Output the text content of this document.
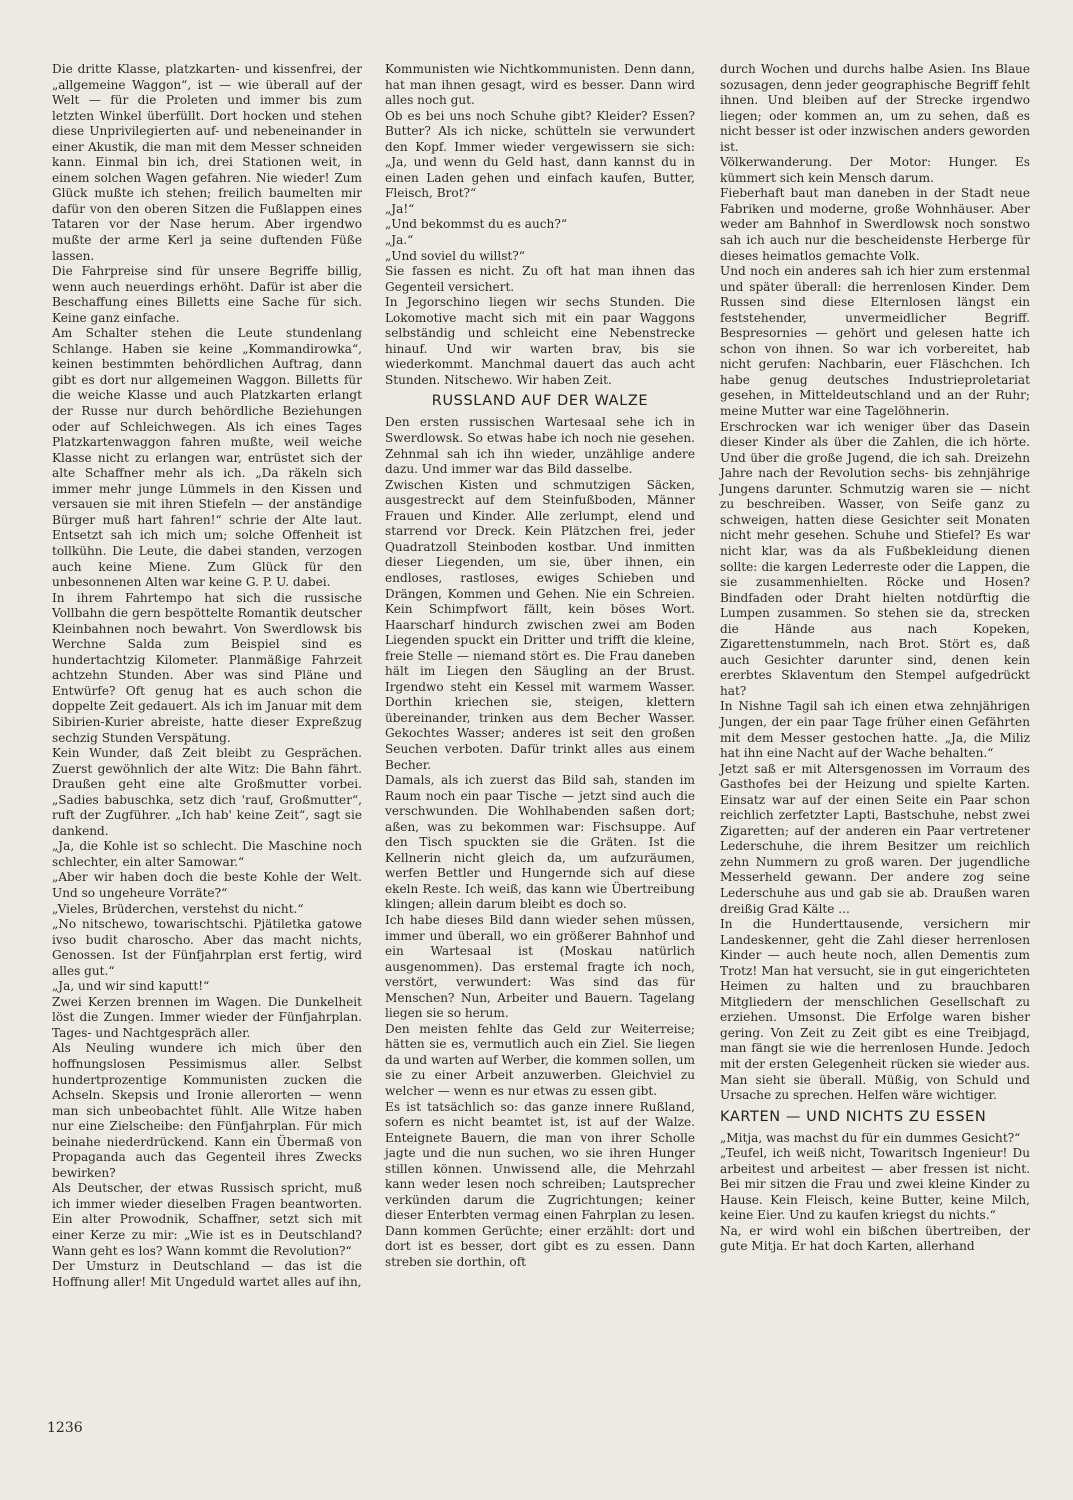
Die dritte Klasse, platzkarten- und kissenfrei, der „allgemeine Waggon“, ist — wie überall auf der Welt — für die Proleten und immer bis zum letzten Winkel überfüllt. Dort hocken und stehen diese Unprivilegierten auf- und nebeneinander in einer Akustik, die man mit dem Messer schneiden kann. Einmal bin ich, drei Stationen weit, in einem solchen Wagen gefahren. Nie wieder! Zum Glück mußte ich stehen; freilich baumelten mir dafür von den oberen Sitzen die Fußlappen eines Tataren vor der Nase herum. Aber irgendwo mußte der arme Kerl ja seine duftenden Füße lassen.

Die Fahrpreise sind für unsere Begriffe billig, wenn auch neuerdings erhöht. Dafür ist aber die Beschaffung eines Billetts eine Sache für sich. Keine ganz einfache.

Am Schalter stehen die Leute stundenlang Schlange. Haben sie keine „Kommandirowka“, keinen bestimmten behördlichen Auftrag, dann gibt es dort nur allgemeinen Waggon. Billetts für die weiche Klasse und auch Platzkarten erlangt der Russe nur durch behördliche Beziehungen oder auf Schleichwegen. Als ich eines Tages Platzkartenwaggon fahren mußte, weil weiche Klasse nicht zu erlangen war, entrüstet sich der alte Schaffner mehr als ich. „Da räkeln sich immer mehr junge Lümmels in den Kissen und versauen sie mit ihren Stiefeln — der anständige Bürger muß hart fahren!“ schrie der Alte laut. Entsetzt sah ich mich um; solche Offenheit ist tollkühn. Die Leute, die dabei standen, verzogen auch keine Miene. Zum Glück für den unbesonnenen Alten war keine G. P. U. dabei.

In ihrem Fahrtempo hat sich die russische Vollbahn die gern bespöttelte Romantik deutscher Kleinbahnen noch bewahrt. Von Swerdlowsk bis Werchne Salda zum Beispiel sind es hundertachtzig Kilometer. Planmäßige Fahrzeit achtzehn Stunden. Aber was sind Pläne und Entwürfe? Oft genug hat es auch schon die doppelte Zeit gedauert. Als ich im Januar mit dem Sibirien-Kurier abreiste, hatte dieser Expreßzug sechzig Stunden Verspätung.

Kein Wunder, daß Zeit bleibt zu Gesprächen. Zuerst gewöhnlich der alte Witz: Die Bahn fährt. Draußen geht eine alte Großmutter vorbei. „Sadies babuschka, setz dich 'rauf, Großmutter“, ruft der Zugführer. „Ich hab' keine Zeit“, sagt sie dankend.

„Ja, die Kohle ist so schlecht. Die Maschine noch schlechter, ein alter Samowar.“

„Aber wir haben doch die beste Kohle der Welt. Und so ungeheure Vorräte?“

„Vieles, Brüderchen, verstehst du nicht.“

„No nitschewo, towarischtschi. Pjätiletka gatowe ivso budit charoscho. Aber das macht nichts, Genossen. Ist der Fünfjahrplan erst fertig, wird alles gut.“

„Ja, und wir sind kaputt!“

Zwei Kerzen brennen im Wagen. Die Dunkelheit löst die Zungen. Immer wieder der Fünfjahrplan. Tages- und Nachtgespräch aller.

Als Neuling wundere ich mich über den hoffnungslosen Pessimismus aller. Selbst hundertprozentige Kommunisten zucken die Achseln. Skepsis und Ironie allerorten — wenn man sich unbeobachtet fühlt. Alle Witze haben nur eine Zielscheibe: den Fünfjahrplan. Für mich beinahe niederdrückend. Kann ein Übermaß von Propaganda auch das Gegenteil ihres Zwecks bewirken?

Als Deutscher, der etwas Russisch spricht, muß ich immer wieder dieselben Fragen beantworten. Ein alter Prowodnik, Schaffner, setzt sich mit einer Kerze zu mir: „Wie ist es in Deutschland? Wann geht es los? Wann kommt die Revolution?“

Der Umsturz in Deutschland — das ist die Hoffnung aller! Mit Ungeduld wartet alles auf ihn,

Kommunisten wie Nichtkommunisten. Denn dann, hat man ihnen gesagt, wird es besser. Dann wird alles noch gut.

Ob es bei uns noch Schuhe gibt? Kleider? Essen? Butter? Als ich nicke, schütteln sie verwundert den Kopf. Immer wieder vergewissern sie sich: „Ja, und wenn du Geld hast, dann kannst du in einen Laden gehen und einfach kaufen, Butter, Fleisch, Brot?“

„Ja!“

„Und bekommst du es auch?“

„Ja.“

„Und soviel du willst?“

Sie fassen es nicht. Zu oft hat man ihnen das Gegenteil versichert.

In Jegorschino liegen wir sechs Stunden. Die Lokomotive macht sich mit ein paar Waggons selbständig und schleicht eine Nebenstrecke hinauf. Und wir warten brav, bis sie wiederkommt. Manchmal dauert das auch acht Stunden. Nitschewo. Wir haben Zeit.

RUSSLAND AUF DER WALZE

Den ersten russischen Wartesaal sehe ich in Swerdlowsk. So etwas habe ich noch nie gesehen. Zehnmal sah ich ihn wieder, unzählige andere dazu. Und immer war das Bild dasselbe.

Zwischen Kisten und schmutzigen Säcken, ausgestreckt auf dem Steinfußboden, Männer Frauen und Kinder. Alle zerlumpt, elend und starrend vor Dreck. Kein Plätzchen frei, jeder Quadratzoll Steinboden kostbar. Und inmitten dieser Liegenden, um sie, über ihnen, ein endloses, rastloses, ewiges Schieben und Drängen, Kommen und Gehen. Nie ein Schreien. Kein Schimpfwort fällt, kein böses Wort. Haarscharf hindurch zwischen zwei am Boden Liegenden spuckt ein Dritter und trifft die kleine, freie Stelle — niemand stört es. Die Frau daneben hält im Liegen den Säugling an der Brust. Irgendwo steht ein Kessel mit warmem Wasser. Dorthin kriechen sie, steigen, klettern übereinander, trinken aus dem Becher Wasser. Gekochtes Wasser; anderes ist seit den großen Seuchen verboten. Dafür trinkt alles aus einem Becher.

Damals, als ich zuerst das Bild sah, standen im Raum noch ein paar Tische — jetzt sind auch die verschwunden. Die Wohlhabenden saßen dort; aßen, was zu bekommen war: Fischsuppe. Auf den Tisch spuckten sie die Gräten. Ist die Kellnerin nicht gleich da, um aufzuräumen, werfen Bettler und Hungernde sich auf diese ekeln Reste. Ich weiß, das kann wie Übertreibung klingen; allein darum bleibt es doch so.

Ich habe dieses Bild dann wieder sehen müssen, immer und überall, wo ein größerer Bahnhof und ein Wartesaal ist (Moskau natürlich ausgenommen). Das erstemal fragte ich noch, verstört, verwundert: Was sind das für Menschen? Nun, Arbeiter und Bauern. Tagelang liegen sie so herum.

Den meisten fehlte das Geld zur Weiterreise; hätten sie es, vermutlich auch ein Ziel. Sie liegen da und warten auf Werber, die kommen sollen, um sie zu einer Arbeit anzuwerben. Gleichviel zu welcher — wenn es nur etwas zu essen gibt.

Es ist tatsächlich so: das ganze innere Rußland, sofern es nicht beamtet ist, ist auf der Walze. Enteignete Bauern, die man von ihrer Scholle jagte und die nun suchen, wo sie ihren Hunger stillen können. Unwissend alle, die Mehrzahl kann weder lesen noch schreiben; Lautsprecher verkünden darum die Zugrichtungen; keiner dieser Enterbten vermag einen Fahrplan zu lesen. Dann kommen Gerüchte; einer erzählt: dort und dort ist es besser, dort gibt es zu essen. Dann streben sie dorthin, oft

durch Wochen und durchs halbe Asien. Ins Blaue sozusagen, denn jeder geographische Begriff fehlt ihnen. Und bleiben auf der Strecke irgendwo liegen; oder kommen an, um zu sehen, daß es nicht besser ist oder inzwischen anders geworden ist.

Völkerwanderung. Der Motor: Hunger. Es kümmert sich kein Mensch darum.

Fieberhaft baut man daneben in der Stadt neue Fabriken und moderne, große Wohnhäuser. Aber weder am Bahnhof in Swerdlowsk noch sonstwo sah ich auch nur die bescheidenste Herberge für dieses heimatlos gemachte Volk.

Und noch ein anderes sah ich hier zum erstenmal und später überall: die herrenlosen Kinder. Dem Russen sind diese Elternlosen längst ein feststehender, unvermeidlicher Begriff. Bespresornies — gehört und gelesen hatte ich schon von ihnen. So war ich vorbereitet, hab nicht gerufen: Nachbarin, euer Fläschchen. Ich habe genug deutsches Industrieproletariat gesehen, in Mitteldeutschland und an der Ruhr; meine Mutter war eine Tagelöhnerin.

Erschrocken war ich weniger über das Dasein dieser Kinder als über die Zahlen, die ich hörte. Und über die große Jugend, die ich sah. Dreizehn Jahre nach der Revolution sechs- bis zehnjährige Jungens darunter. Schmutzig waren sie — nicht zu beschreiben. Wasser, von Seife ganz zu schweigen, hatten diese Gesichter seit Monaten nicht mehr gesehen. Schuhe und Stiefel? Es war nicht klar, was da als Fußbekleidung dienen sollte: die kargen Lederreste oder die Lappen, die sie zusammenhielten. Röcke und Hosen? Bindfaden oder Draht hielten notdürftig die Lumpen zusammen. So stehen sie da, strecken die Hände aus nach Kopeken, Zigarettenstummeln, nach Brot. Stört es, daß auch Gesichter darunter sind, denen kein ererbtes Sklaventum den Stempel aufgedrückt hat?

In Nishne Tagil sah ich einen etwa zehnjährigen Jungen, der ein paar Tage früher einen Gefährten mit dem Messer gestochen hatte. „Ja, die Miliz hat ihn eine Nacht auf der Wache behalten.“

Jetzt saß er mit Altersgenossen im Vorraum des Gasthofes bei der Heizung und spielte Karten. Einsatz war auf der einen Seite ein Paar schon reichlich zerfetzter Lapti, Bastschuhe, nebst zwei Zigaretten; auf der anderen ein Paar vertretener Lederschuhe, die ihrem Besitzer um reichlich zehn Nummern zu groß waren. Der jugendliche Messerheld gewann. Der andere zog seine Lederschuhe aus und gab sie ab. Draußen waren dreißig Grad Kälte ...

In die Hunderttausende, versichern mir Landeskenner, geht die Zahl dieser herrenlosen Kinder — auch heute noch, allen Dementis zum Trotz! Man hat versucht, sie in gut eingerichteten Heimen zu halten und zu brauchbaren Mitgliedern der menschlichen Gesellschaft zu erziehen. Umsonst. Die Erfolge waren bisher gering. Von Zeit zu Zeit gibt es eine Treibjagd, man fängt sie wie die herrenlosen Hunde. Jedoch mit der ersten Gelegenheit rücken sie wieder aus. Man sieht sie überall. Müßig, von Schuld und Ursache zu sprechen. Helfen wäre wichtiger.

KARTEN — UND NICHTS ZU ESSEN

„Mitja, was machst du für ein dummes Gesicht?“

„Teufel, ich weiß nicht, Towaritsch Ingenieur! Du arbeitest und arbeitest — aber fressen ist nicht. Bei mir sitzen die Frau und zwei kleine Kinder zu Hause. Kein Fleisch, keine Butter, keine Milch, keine Eier. Und zu kaufen kriegst du nichts.“

Na, er wird wohl ein bißchen übertreiben, der gute Mitja. Er hat doch Karten, allerhand

1236
